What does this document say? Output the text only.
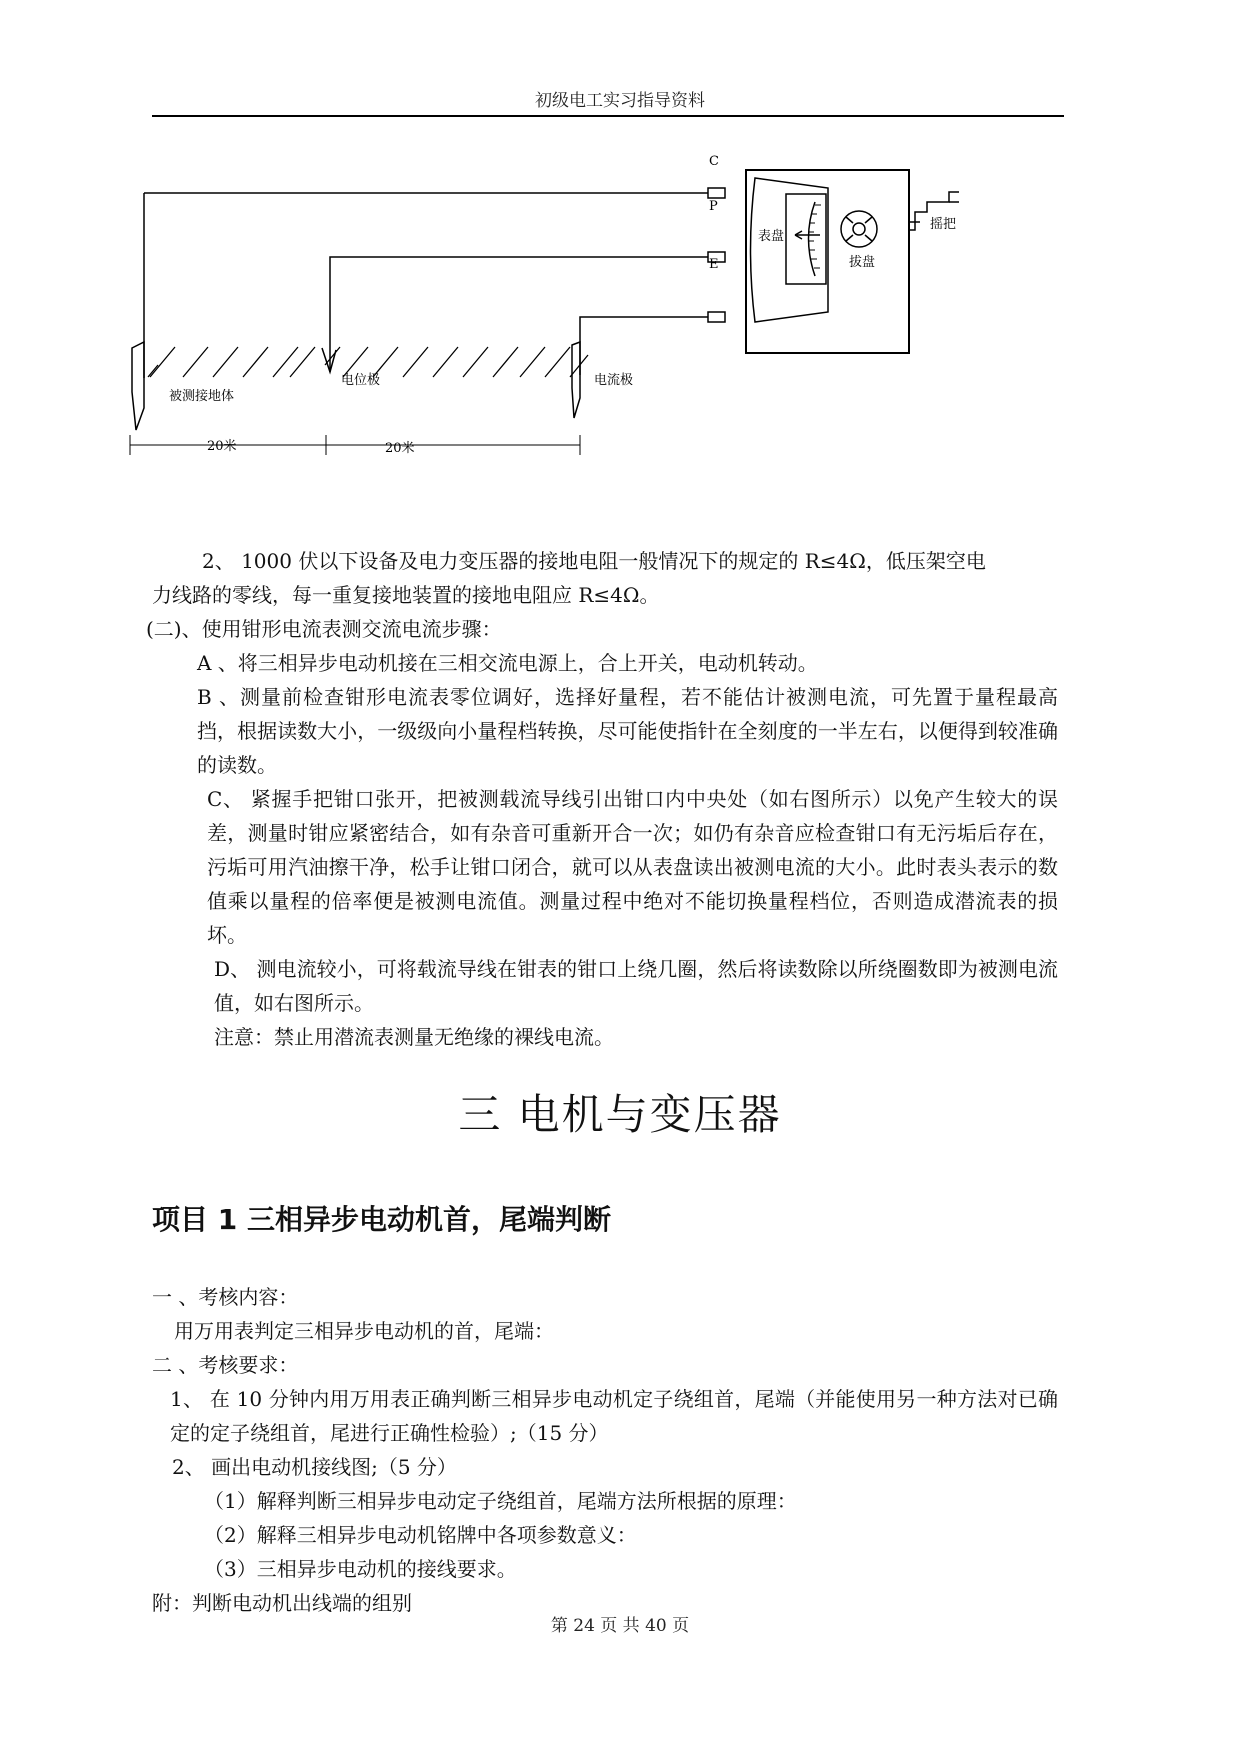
初级电工实习指导资料
C
P
E
表盘
拔盘
摇把
被测接地体
电位极	电流极
20米	20米

2、 1000 伏以下设备及电力变压器的接地电阻一般情况下的规定的 R≤4Ω，低压架空电

力线路的零线，每一重复接地装置的接地电阻应 R≤4Ω。

(二)、使用钳形电流表测交流电流步骤：

A 、将三相异步电动机接在三相交流电源上，合上开关，电动机转动。

B 、测量前检查钳形电流表零位调好，选择好量程，若不能估计被测电流，可先置于量程最高挡，根据读数大小，一级级向小量程档转换，尽可能使指针在全刻度的一半左右，以便得到较准确的读数。

C、 紧握手把钳口张开，把被测载流导线引出钳口内中央处（如右图所示）以免产生较大的误差，测量时钳应紧密结合，如有杂音可重新开合一次；如仍有杂音应检查钳口有无污垢后存在，污垢可用汽油擦干净，松手让钳口闭合，就可以从表盘读出被测电流的大小。此时表头表示的数值乘以量程的倍率便是被测电流值。测量过程中绝对不能切换量程档位，否则造成潜流表的损坏。

D、 测电流较小，可将载流导线在钳表的钳口上绕几圈，然后将读数除以所绕圈数即为被测电流值，如右图所示。

注意：禁止用潜流表测量无绝缘的裸线电流。

三 电机与变压器
项目 1 三相异步电动机首，尾端判断

一 、考核内容：

用万用表判定三相异步电动机的首，尾端：

二 、考核要求：

1、 在 10 分钟内用万用表正确判断三相异步电动机定子绕组首，尾端（并能使用另一种方法对已确定的定子绕组首，尾进行正确性检验）;（15 分）

2、 画出电动机接线图;（5 分）

（1）解释判断三相异步电动定子绕组首，尾端方法所根据的原理：

（2）解释三相异步电动机铭牌中各项参数意义：

（3）三相异步电动机的接线要求。

附：判断电动机出线端的组别

第 24 页 共 40 页
